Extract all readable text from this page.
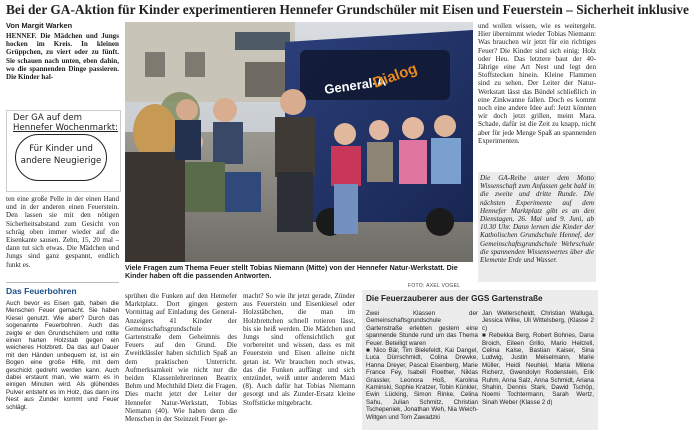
Bei der GA-Aktion für Kinder experimentieren Hennefer Grundschüler mit Eisen und Feuerstein – Sicherheit inklusive
Von Margit Warken

HENNEF. Die Mädchen und Jungs hocken im Kreis. In kleinen Grüppchen, zu viert oder zu fünft. Sie schauen nach unten, eben dahin, wo die spannenden Dinge passieren. Die Kinder hal-

Der GA auf dem
Hennefer Wochenmarkt:
Für Kinder und
andere Neugierige

ten eine große Pelle in der einen Hand und in der anderen einen Feuerstein. Den lassen sie mit den nötigen Sicherheitsabstand zum Gesicht von schräg oben immer wieder auf die Eisenkante sausen. Zehn, 15, 20 mal – dann tut sich etwas. Die Mädchen und Jungs sind ganz gespannt, endlich funkt es.

General-A
Dialog
Viele Fragen zum Thema Feuer stellt Tobias Niemann (Mitte) von der Hennefer Natur-Werkstatt. Die Kinder haben oft die passenden Antworten.
FOTO: AXEL VOGEL

und wollen wissen, wie es weitergeht. Hier übernimmt wieder Tobias Niemann: Was brauchen wir jetzt für ein richtiges Feuer? Die Kinder sind sich einig: Holz oder Heu. Das letztere baut der 40-Jährige eine Art Nest und legt den Stoffstecken hinein. Kleine Flammen sind zu sehen. Der Leiter der Natur-Werkstatt lässt das Bündel schließlich in eine Zinkwanne fallen. Doch es kommt noch eine andere Idee auf: Jetzt könnten wir doch jetzt grillen, meint Mara. Schade, dafür ist die Zeit zu knapp, nicht aber für jede Menge Spaß an spannenden Experimenten.

Die GA-Reihe unter dem Motto Wissenschaft zum Anfassen geht bald in die zweite und dritte Runde. Die nächsten Experimente auf dem Hennefer Marktplatz gibt es an den Dienstagen, 26. Mai und 9. Juni, ab 10.30 Uhr. Dann lernen die Kinder der Katholischen Grundschule Hennef, der Gemeinschaftsgrundschule Wehrschule die spannenden Wissenswertes über die Elemente Erde und Wasser.

sprühen die Funken auf den Hennefer Marktplatz. Dort gingen gestern Vormittag auf Einladung des General-Anzeigers 41 Kinder der Gemeinschaftsgrundschule Gartenstraße dem Geheimnis des Feuers auf den Grund. Die Zweitklässler haben sichtlich Spaß an dem praktischen Unterricht. Aufmerksamkeit wie nicht nur die beiden Klassenlehrerinnen Beatrix Behm und Mechthild Dietz die Fragen. Dies macht jetzt der Leiter der Hennefer Natur-Werkstatt, Tobias Niemann (40). Wie haben denn die Menschen in der Steinzeit Feuer ge-

macht? So wie ihr jetzt gerade, Zünder aus Feuerstein und Eisenkiesel oder Holzstäbchen, die man im Holzbrettchen schnell rotieren lässt, bis sie heiß werden. Die Mädchen und Jungs sind offensichtlich gut vorbereitet und wissen, dass es mit Feuerstein und Eisen alleine nicht getan ist. Wir brauchen noch etwas, das die Funken auffängt und sich entzündet, weiß unter anderem Maxi (8). Auch dafür hat Tobias Niemann gesorgt und als Zunder-Ersatz kleine Stoffstücke mitgebracht.

Das Feuerbohren

Auch bevor es Eisen gab, haben die Menschen Feuer gemacht. Sie haben Kiesel genutzt. Wie aber? Durch das sogenannte Feuerbohren. Auch das zeigte er den Grundschülern und rollte einen harten Holzstab gegen ein weicheres Holzbrett. Da das auf Dauer mit den Händen unbequem ist, ist ein Bogen eine große Hilfe, mit dem geschickt gedreht werden kann. Auch dabei erstaunt man, wie warm es in einigen Minuten wird. Als glühendes Pulver entsteht es im Holz, das dann ins Nest aus Zunder kommt und Feuer schlägt.

Die Feuerzauberer aus der GGS Gartenstraße

Zwei Klassen der Gemeinschaftsgrundschule Gartenstraße erlebten gestern eine spannende Stunde rund um das Thema Feuer. Beteiligt waren

■ Nico Bär, Tim Bielefeldt, Kai Dangel, Luca Dürrschmidt, Colina Drewke, Hanna Dreyer, Pascal Eisenberg, Marie France Fey, Isabell Floether, Niklas Grassler, Leonora Hoß, Karolina Kaminski, Sophie Kratzer, Tobin Künkler, Ewin Lücking, Simon Rinke, Celina Sahu, Julian Schmitz, Christian Tschepeniek, Jonathan Weh, Nia Weich-Wiltgen und Tom Zawadzki

Jan Wellerscheidt, Christian Walluga, Jessica Wilke, Uli Wittelsberg, (Klasse 2 c)

■ Rebekka Berg, Robert Bohnes, Dana Broich, Eileen Grillo, Mario Heitzell, Celina Kalse, Bastian Kaiser, Sina Ludwig, Justin Meiselmann, Marie Müller, Heidi Neuhlel, Maria Milena Richerz, Gwendolyn Rodenstein, Erik Ruhm, Anna Salz, Anna Schmidt, Ariana Shahin, Dennis Stark, Dawid Tschöp, Noemi Tochtermann, Sarah Wertz, Sinah Weber (Klasse 2 d)
